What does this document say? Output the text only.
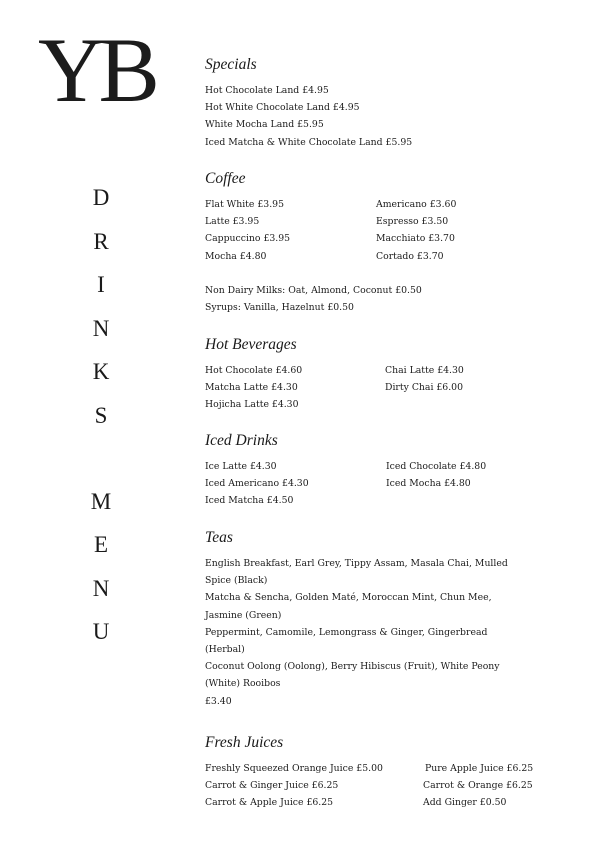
YB
D
R
I
N
K
S
M
E
N
U
Specials
Hot Chocolate Land £4.95
Hot White Chocolate Land £4.95
White Mocha Land £5.95
Iced Matcha & White Chocolate Land £5.95
Coffee
Flat White £3.95	Americano £3.60
Latte £3.95	Espresso £3.50
Cappuccino £3.95	Macchiato £3.70
Mocha £4.80	Cortado £3.70
Non Dairy Milks: Oat, Almond, Coconut £0.50
Syrups: Vanilla, Hazelnut £0.50
Hot Beverages
Hot Chocolate £4.60	Chai Latte £4.30
Matcha Latte £4.30	Dirty Chai £6.00
Hojicha Latte £4.30
Iced Drinks
Ice Latte £4.30	Iced Chocolate £4.80
Iced Americano £4.30	Iced Mocha £4.80
Iced Matcha £4.50
Teas
English Breakfast, Earl Grey, Tippy Assam, Masala Chai, Mulled
Spice (Black)
Matcha & Sencha, Golden Maté, Moroccan Mint, Chun Mee,
Jasmine (Green)
Peppermint, Camomile, Lemongrass & Ginger, Gingerbread
(Herbal)
Coconut Oolong (Oolong), Berry Hibiscus (Fruit), White Peony
(White) Rooibos
£3.40
Fresh Juices
Freshly Squeezed Orange Juice £5.00	Pure Apple Juice £6.25
Carrot & Ginger Juice £6.25	Carrot & Orange £6.25
Carrot & Apple Juice £6.25	Add Ginger £0.50
